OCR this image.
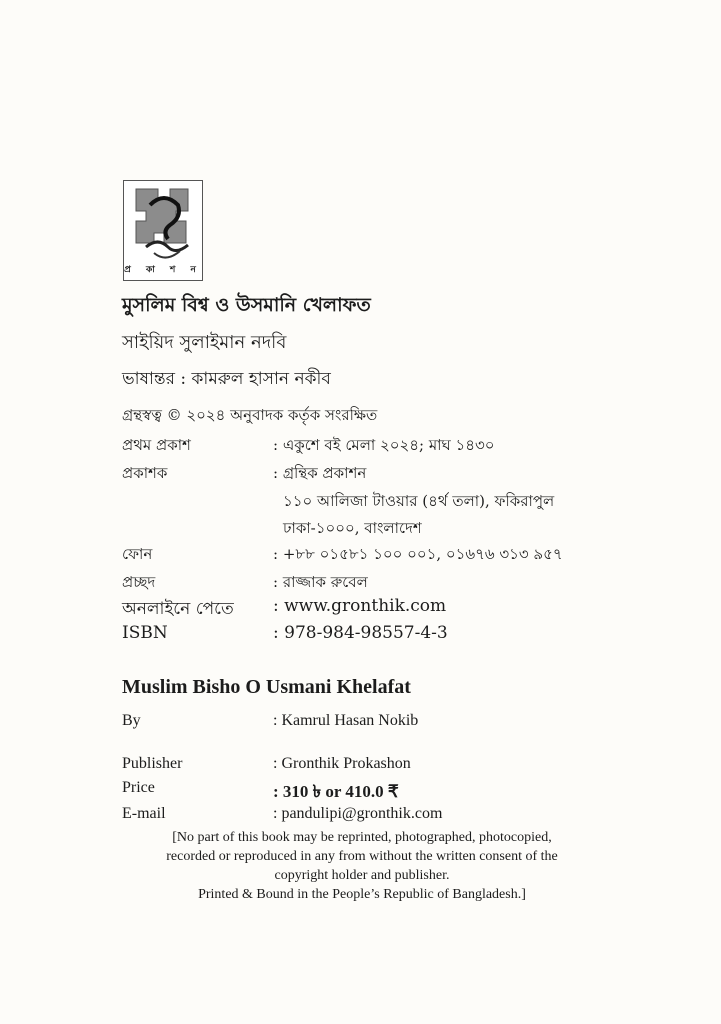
প্র কা শ ন
মুসলিম বিশ্ব ও উসমানি খেলাফত
সাইয়িদ সুলাইমান নদবি
ভাষান্তর : কামরুল হাসান নকীব
গ্রন্থস্বত্ব © ২০২৪ অনুবাদক কর্তৃক সংরক্ষিত
প্রথম প্রকাশ	: একুশে বই মেলা ২০২৪; মাঘ ১৪৩০
প্রকাশক	: গ্রন্থিক প্রকাশন
১১০ আলিজা টাওয়ার (৪র্থ তলা), ফকিরাপুল
ঢাকা-১০০০, বাংলাদেশ
ফোন	: +৮৮ ০১৫৮১ ১০০ ০০১, ০১৬৭৬ ৩১৩ ৯৫৭
প্রচ্ছদ	: রাজ্জাক রুবেল
অনলাইনে পেতে : www.gronthik.com
ISBN	: 978-984-98557-4-3
Muslim Bisho O Usmani Khelafat
By	: Kamrul Hasan Nokib
Publisher	: Gronthik Prokashon
Price	: 310 ৳ or 410.0 ₹
E-mail	: pandulipi@gronthik.com
[No part of this book may be reprinted, photographed, photocopied,
recorded or reproduced in any from without the written consent of the
copyright holder and publisher.
Printed & Bound in the People’s Republic of Bangladesh.]
